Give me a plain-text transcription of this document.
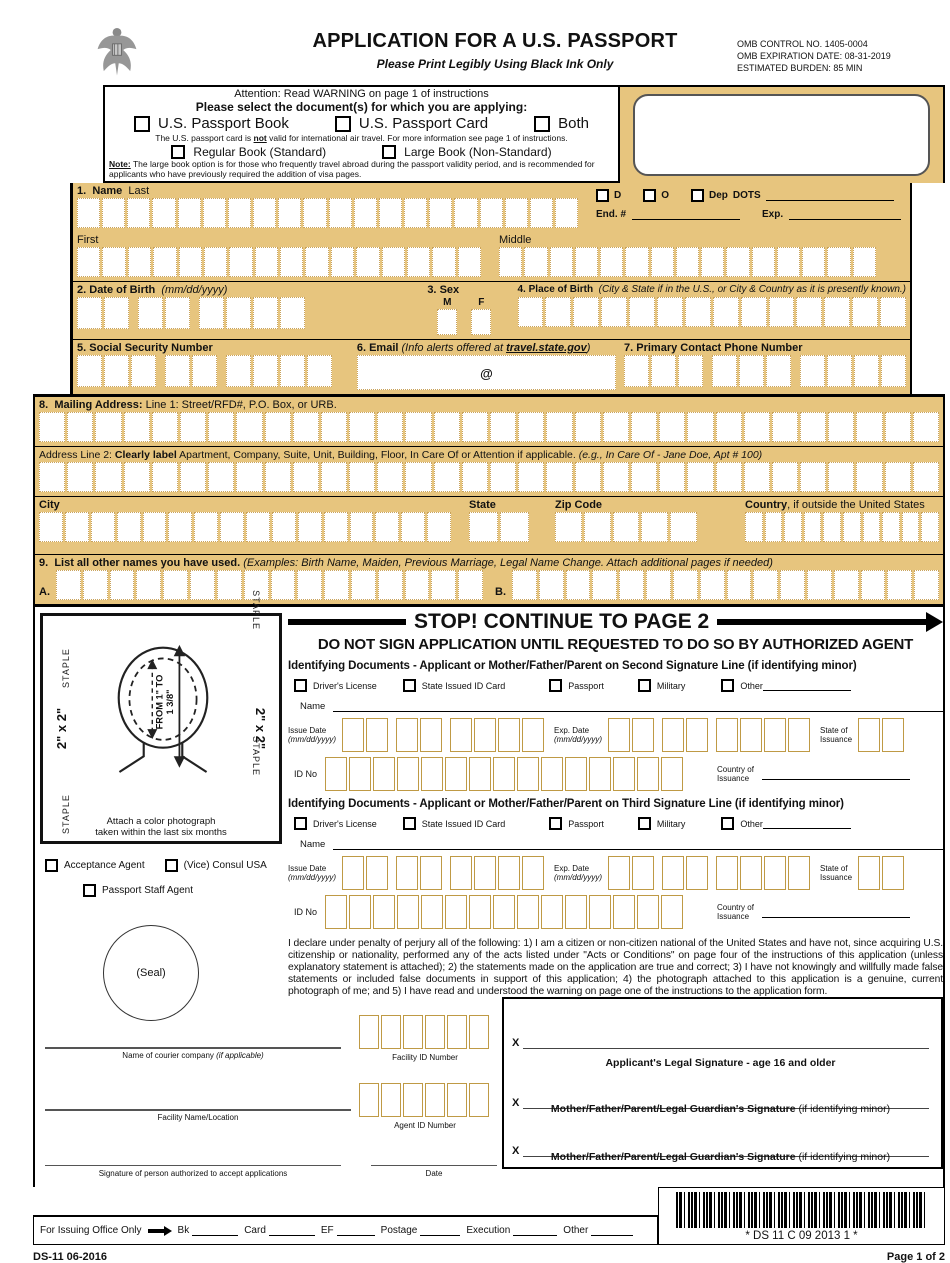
APPLICATION FOR A U.S. PASSPORT
Please Print Legibly Using Black Ink Only
OMB CONTROL NO. 1405-0004
OMB EXPIRATION DATE: 08-31-2019
ESTIMATED BURDEN: 85 MIN
Attention: Read WARNING on page 1 of instructions
Please select the document(s) for which you are applying:
U.S. Passport Book	U.S. Passport Card	Both
The U.S. passport card is not valid for international air travel. For more information see page 1 of instructions.
Regular Book (Standard)	Large Book (Non-Standard)
Note: The large book option is for those who frequently travel abroad during the passport validity period, and is recommended for applicants who have previously required the addition of visa pages.
1. Name Last	D	O	Dep DOTS
End. #	Exp.
First	Middle
2. Date of Birth (mm/dd/yyyy)	3. Sex
M	F
4. Place of Birth (City & State if in the U.S., or City & Country as it is presently known.)
5. Social Security Number	6. Email (Info alerts offered at travel.state.gov)
@
7. Primary Contact Phone Number
8. Mailing Address: Line 1: Street/RFD#, P.O. Box, or URB.
Address Line 2: Clearly label Apartment, Company, Suite, Unit, Building, Floor, In Care Of or Attention if applicable. (e.g., In Care Of - Jane Doe, Apt # 100)
City	State	Zip Code	Country, if outside the United States
9. List all other names you have used. (Examples: Birth Name, Maiden, Previous Marriage, Legal Name Change. Attach additional pages if needed)
A.	B.
STAPLE
STAPLE
STAPLE
STAPLE
2" x 2"	2" x 2"
FROM 1" TO 1 3/8"
Attach a color photograph
taken within the last six months
Acceptance Agent	(Vice) Consul USA
Passport Staff Agent
(Seal)
STOP! CONTINUE TO PAGE 2
DO NOT SIGN APPLICATION UNTIL REQUESTED TO DO SO BY AUTHORIZED AGENT
Identifying Documents - Applicant or Mother/Father/Parent on Second Signature Line (if identifying minor)
Driver's License	State Issued ID Card	Passport	Military	Other
Name
Issue Date
(mm/dd/yyyy)
Exp. Date
(mm/dd/yyyy)
State of
Issuance
ID No	Country of
Issuance
Identifying Documents - Applicant or Mother/Father/Parent on Third Signature Line (if identifying minor)
Driver's License	State Issued ID Card	Passport	Military	Other
Name
Issue Date
(mm/dd/yyyy)
Exp. Date
(mm/dd/yyyy)
State of
Issuance
ID No	Country of
Issuance
I declare under penalty of perjury all of the following: 1) I am a citizen or non-citizen national of the United States and have not, since acquiring U.S. citizenship or nationality, performed any of the acts listed under "Acts or Conditions" on page four of the instructions of this application (unless explanatory statement is attached); 2) the statements made on the application are true and correct; 3) I have not knowingly and willfully made false statements or included false documents in support of this application; 4) the photograph attached to this application is a genuine, current photograph of me; and 5) I have read and understood the warning on page one of the instructions to the application form.
X
Applicant's Legal Signature - age 16 and older
X	Mother/Father/Parent/Legal Guardian's Signature (if identifying minor)
X	Mother/Father/Parent/Legal Guardian's Signature (if identifying minor)
Name of courier company (if applicable)	Facility ID Number
Facility Name/Location
Agent ID Number
Signature of person authorized to accept applications	Date
For Issuing Office Only	Bk	Card	EF	Postage	Execution	Other	* DS 11 C 09 2013 1 *
DS-11 06-2016	Page 1 of 2
